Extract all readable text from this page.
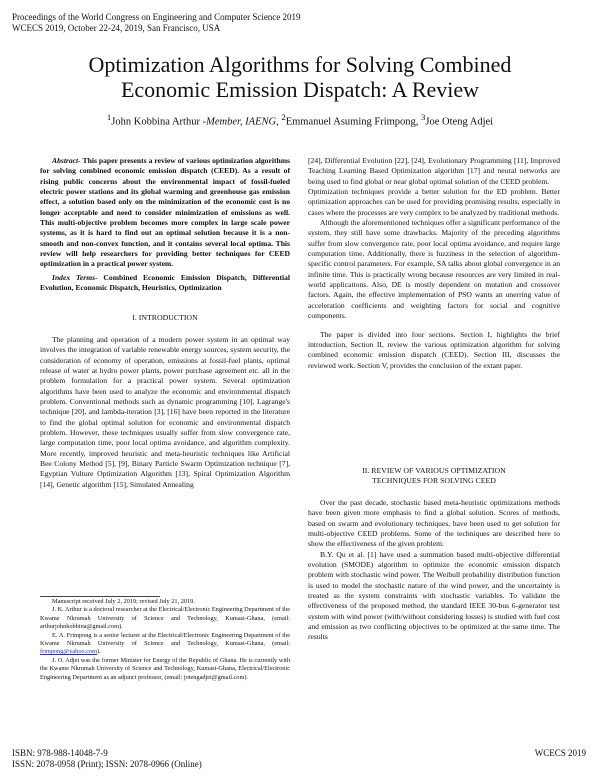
Proceedings of the World Congress on Engineering and Computer Science 2019
WCECS 2019, October 22-24, 2019, San Francisco, USA
Optimization Algorithms for Solving Combined
Economic Emission Dispatch: A Review
$^1$John Kobbina Arthur -Member, IAENG, $^2$Emmanuel Asuming Frimpong, $^3$Joe Oteng Adjei

Abstract- This paper presents a review of various optimization algorithms for solving combined economic emission dispatch (CEED). As a result of rising public concerns about the environmental impact of fossil-fueled electric power stations and its global warming and greenhouse gas emission effect, a solution based only on the minimization of the economic cost is no longer acceptable and need to consider minimization of emissions as well. This multi-objective problem becomes more complex in large scale power systems, as it is hard to find out an optimal solution because it is a non-smooth and non-convex function, and it contains several local optima. This review will help researchers for providing better techniques for CEED optimization in a practical power system.

Index Terms- Combined Economic Emission Dispatch, Differential Evolution, Economic Dispatch, Heuristics, Optimization

I. INTRODUCTION

The planning and operation of a modern power system in an optimal way involves the integration of variable renewable energy sources, system security, the consideration of economy of operation, emissions at fossil-fuel plants, optimal release of water at hydro power plants, power purchase agreement etc. all in the problem formulation for a practical power system. Several optimization algorithms have been used to analyze the economic and environmental dispatch problem. Conventional methods such as dynamic programming [10], Lagrange's technique [20], and lambda-iteration [3], [16] have been reported in the literature to find the global optimal solution for economic and environmental dispatch problem. However, these techniques usually suffer from slow convergence rate, large computation time, poor local optima avoidance, and algorithm complexity. More recently, improved heuristic and meta-heuristic techniques like Artificial Bee Colony Method [5], [9], Binary Particle Swarm Optimization technique [7], Egyptian Vulture Optimization Algorithm [13], Spiral Optimization Algorithm [14], Genetic algorithm [15], Simulated Annealing

Manuscript received July 2, 2019; revised July 21, 2019.

J. K. Arthur is a doctoral researcher at the Electrical/Electronic Engineering Department of the Kwame Nkrumah University of Science and Technology, Kumasi-Ghana, (email: arthurjohnkobbina@gmail.com).

E. A. Frimpong is a senior lecturer at the Electrical/Electronic Engineering Department of the Kwame Nkrumah University of Science and Technology, Kumasi-Ghana, (email: frimpong@yahoo.com).

J. O. Adjei was the former Minister for Energy of the Republic of Ghana. He is currently with the Kwame Nkrumah University of Science and Technology, Kumasi-Ghana, Electrical/Electronic Engineering Department as an adjunct professor, (email: jotengadjei@gmail.com).

[24], Differential Evolution [22], [24], Evolutionary Programming [11], Improved Teaching Learning Based Optimization algorithm [17] and neural networks are being used to find global or near global optimal solution of the CEED problem.

Optimization techniques provide a better solution for the ED problem. Better optimization approaches can be used for providing promising results, especially in cases where the processes are very complex to be analyzed by traditional methods.

Although the aforementioned techniques offer a significant performance of the system, they still have some drawbacks. Majority of the preceding algorithms suffer from slow convergence rate, poor local optima avoidance, and require large computation time. Additionally, there is fuzziness in the selection of algorithm-specific control parameters. For example, SA talks about global convergence in an infinite time. This is practically wrong because resources are very limited in real-world applications. Also, DE is mostly dependent on mutation and crossover factors. Again, the effective implementation of PSO wants an unerring value of acceleration coefficients and weighting factors for social and cognitive components.

The paper is divided into four sections. Section I, highlights the brief introduction, Section II, review the various optimization algorithm for solving combined economic emission dispatch (CEED). Section III, discusses the reviewed work. Section V, provides the conclusion of the extant paper.

II. REVIEW OF VARIOUS OPTIMIZATION
TECHNIQUES FOR SOLVING CEED

Over the past decade, stochastic based meta-heuristic optimizations methods have been given more emphasis to find a global solution. Scores of methods, based on swarm and evolutionary techniques, have been used to get solution for multi-objective CEED problems. Some of the techniques are described here to show the effectiveness of the given problem.

B.Y. Qu et al. [1] have used a summation based multi-objective differential evolution (SMODE) algorithm to optimize the economic emission dispatch problem with stochastic wind power. The Weibull probability distribution function is used to model the stochastic nature of the wind power, and the uncertainty is treated as the system constraints with stochastic variables. To validate the effectiveness of the proposed method, the standard IEEE 30-bus 6-generator test system with wind power (with/without considering losses) is studied with fuel cost and emission as two conflicting objectives to be optimized at the same time. The results

ISBN: 978-988-14048-7-9
ISSN: 2078-0958 (Print); ISSN: 2078-0966 (Online)
WCECS 2019
